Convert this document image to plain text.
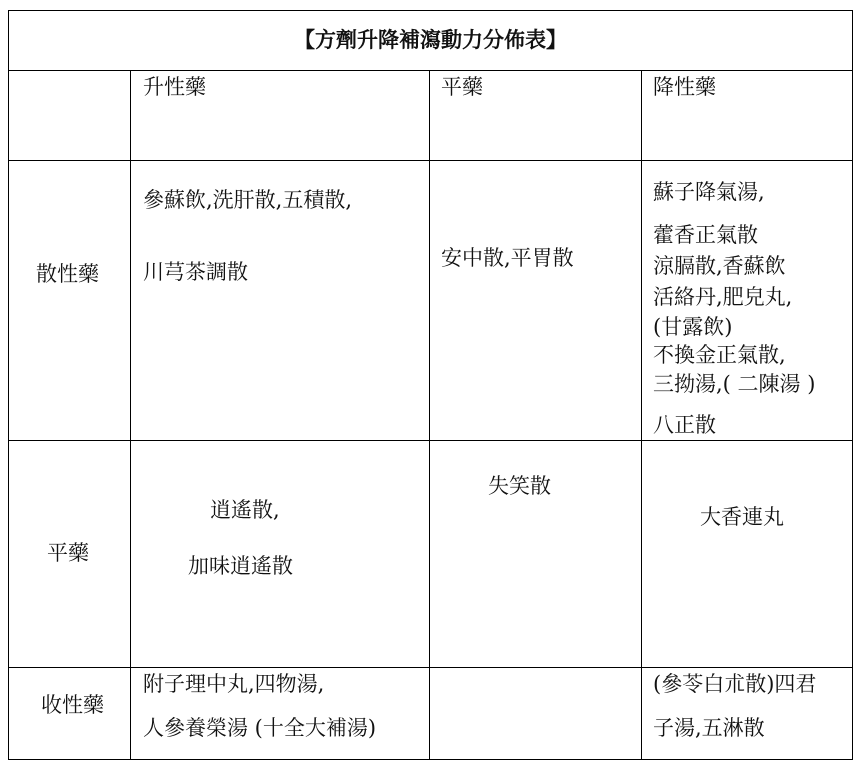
【方劑升降補瀉動力分佈表】
升性藥	平藥	降性藥
散性藥
參蘇飲,洗肝散,五積散,
川芎茶調散
安中散,平胃散
蘇子降氣湯,
藿香正氣散
涼膈散,香蘇飲
活絡丹,肥皃丸,
(甘露飲)
不換金正氣散,
三拗湯,( 二陳湯 )
八正散
平藥
逍遙散,
加味逍遙散
失笑散
大香連丸
收性藥
附子理中丸,四物湯,
人參養榮湯 (十全大補湯)
(參苓白朮散)四君
子湯,五淋散
